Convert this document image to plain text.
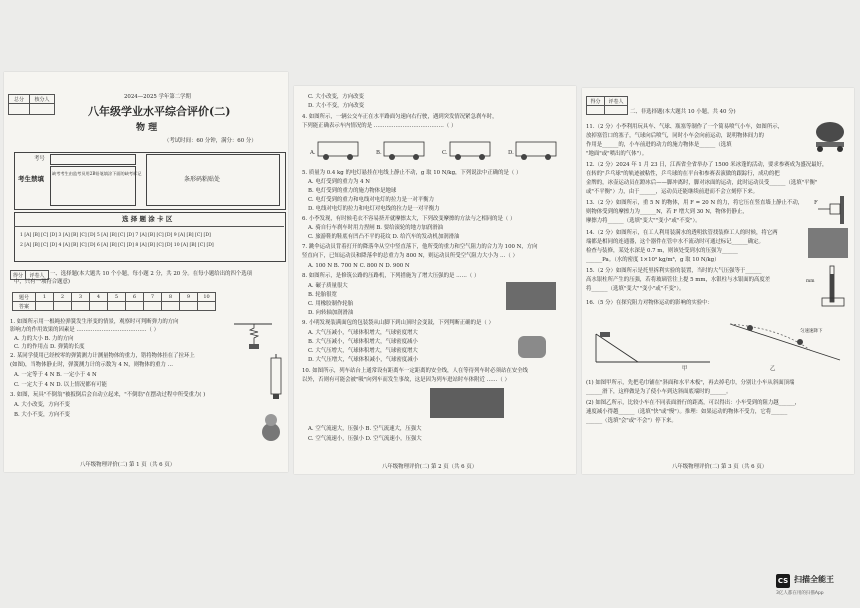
总分	核分人
		2024—2025 学年第二学期
八年级学业水平综合评价(二)
物 理
（考试时间：60 分钟，满分：60 分）
考号
考生禁填
缺考考生由监考员用2B铅笔填涂下面的缺考标记
条形码粘贴处
选 择 题 涂 卡 区
1 [A] [B] [C] [D] 3 [A] [B] [C] [D] 5 [A] [B] [C] [D] 7 [A] [B] [C] [D] 9 [A] [B] [C] [D]
2 [A] [B] [C] [D] 4 [A] [B] [C] [D] 6 [A] [B] [C] [D] 8 [A] [B] [C] [D] 10 [A] [B] [C] [D]
得分	评卷人 一、选择题(本大题共 10 个小题，每小题 2 分，共 20 分。在每小题给出的四个选项
中，只有一项符合题意)
题号	1	2	3	4	5	6	7	8	9	10
答案										
1. 如图所示用一根绳拉弹簧发生形变的情景，观察时可判断弹力的方向
影响力的作用效果的因素是 …………………………………（ ）
A. 力的大小 B. 力的方向
C. 力的作用点 D. 弹簧的长度
2. 某同学使用已经校零的弹簧测力计测量物体的重力，错将物体挂在了拉环上
(如图)，当物体静止时，弹簧测力计的示数为 4 N，则物体的重力 …
A. 一定等于 4 N B. 一定小于 4 N
C. 一定大于 4 N D. 以上情况都有可能
3. 如图，玩具"不倒翁"被扳倒后会自动立起来，"不倒翁"在摆动过程中所受重力( )
A. 大小改变，方向不变
B. 大小不变，方向不变
八年级物理评价(二) 第 1 页（共 6 页）
C. 大小改变，方向改变
D. 大小不变，方向改变
4. 如图所示，一辆公交车正在水平路面匀速向右行驶，遇到突发情况紧急刹车时，
下列能正确表示车内情况的是 …………………………………（ ）
A.	B.	C.	D.
5. 质量为 0.4 kg 的电灯悬挂在电线上静止不动，g 取 10 N/kg，下列说法中正确的是（ ）
A. 电灯受到的重力为 4 N
B. 电灯受到的重力的施力物体是地球
C. 电灯受到的重力和电线对电灯的拉力是一对平衡力
D. 电线对电灯的拉力和电灯对电线的拉力是一对平衡力
6. 小李发现，有时候毛衣不容易挤开就摩擦太大，下列改变摩擦的方法与之相同的是（ ）
A. 骑自行车刹车时用力捏闸 B. 要给滚轮的地方加润滑油
C. 旅游鞋的鞋底有凹凸不平的花纹 D. 给汽车的发动机加润滑油
7. 跳伞运动员背着打开的降落伞从空中竖直落下，他所受的重力和空气阻力的合力为 100 N，方向
竖直向下，已知运动员和降落伞的总重力为 800 N，则运动员所受空气阻力大小为 …（ ）
A. 100 N B. 700 N C. 800 N D. 900 N
8. 如图所示，是修筑公路的压路机，下列措施为了增大压强的是 ……（ ）
A. 碾子质量很大
B. 轮胎很宽
C. 用橡胶制作轮胎
D. 向转轴加润滑油
9. 小明发现装满面包的包装袋从山脚下到山顶时会变鼓，下列判断正确的是（ ）
A. 大气压减小，气球体积增大，气球密度增大
B. 大气压减小，气球体积增大，气球密度减小
C. 大气压增大，气球体积增大，气球密度增大
D. 大气压增大，气球体积减小，气球密度减小
10. 如图所示，列车站台上通常设有距离车一定距离的安全线，人在等待列车时必须站在安全线
以外，否则有可能会被"吸"向列车而发生事故，这是因为列车进站时车体附近 ……（ ）
A. 空气流速大，压强小 B. 空气流速大，压强大
C. 空气流速小，压强小 D. 空气流速小，压强大
八年级物理评价(二) 第 2 页（共 6 页）
得分	评卷人

二、非选择题(本大题共 10 小题，共 40 分)
11.（2 分）小李利用玩具车、气球、瓶塞等制作了一个简易喷气小车，如图所示，
放掉塞管口的塞子，气球向后喷气，同时小车会向前运动，说明物体间力的
作用是______的，小车前进的动力的施力物体是______（选填
"地面"或"喷出的气体"）。
12.（2 分）2024 年 1 月 23 日，江西省全省举办了 1500 米冰蓬的活动，要求参赛成为盛况最好，
在转的"乒乓球"的轨迹被粘性，乒乓球的在平台和参赛表演做的跟踪行，成功的把
金牌的，冰壶运动员在蹬冰后——脚冲离时，脚对冰面的运动，此时运动员受______（选填"平衡"
或"不平衡"）力，由于______，运动员还能继续前进而不会立刻停下来。
13.（2 分）如图所示，重 5 N 的物体，用 F = 20 N 的力，将它压在竖直墙上静止不动，
则物体受到的摩擦力为______N，若 F 增大到 30 N，物体仍静止，
摩擦力将______（选填"变大""变小"或"不变"）。
F
14.（2 分）如图所示，在工人利用装满水的透明软管找装修工人的时候，将它两
端都是相同的连通器，这个器件在管中水不流动时可通过标记______确定。
检查与装修，某处水深是 0.7 m，则该处受到水的压强为______
______Pa。（水的密度 1×10³ kg/m³，g 取 10 N/kg）
15.（2 分）如图所示是托里拆利实验的装置，当时的大气压强等于______
高水银柱所产生的压强，若将玻璃管往上提 5 mm，水银柱与水银面的高度差
将______（选填"变大""变小"或"不变"）。
mm
16.（5 分）在探究阻力对物体运动的影响的实验中：
甲	乙
匀速速降下
(1) 如图甲所示，先把毛巾铺在"斜面和水平木板"，再去掉毛巾，分别让小车从斜面顶端
______滑下，这样做是为了使小车到达斜面底端时的______。
(2) 如图乙所示，比较小车在不同表面滑行的距离，可以得出：小车受到的阻力越______，
速度减小得越______（选填"快"或"慢"）。推理：如果运动的物体不受力，它将______
______（选填"会"或"不会"）停下来。
八年级物理评价(二) 第 3 页（共 6 页）
CS 扫描全能王
3亿人都在用的扫描App
